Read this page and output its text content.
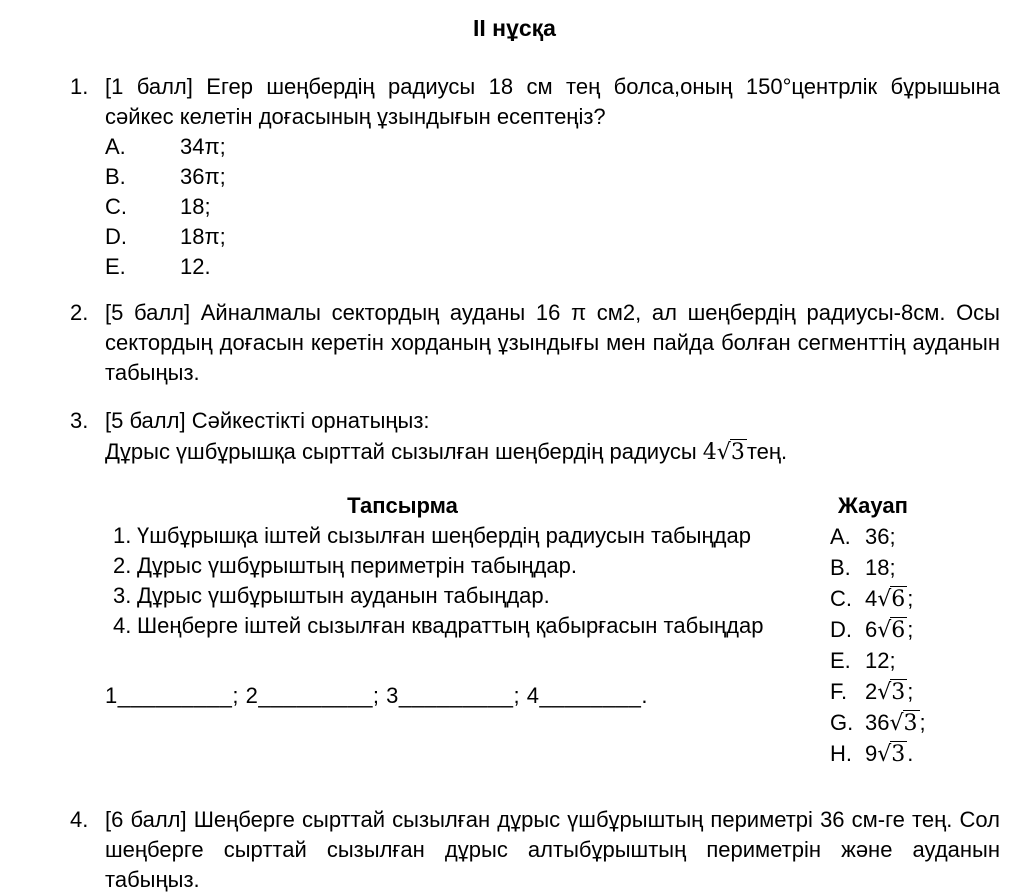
II нұсқа
1. [1 балл] Егер шеңбердің радиусы 18 см тең болса,оның 150°центрлік бұрышына сәйкес келетін доғасының ұзындығын есептеңіз?

A.	34π;
B.	36π;
C.	18;
D.	18π;
E.	12.
2. [5 балл] Айналмалы сектордың ауданы 16 π см2, ал шеңбердің радиусы-8см. Осы сектордың доғасын керетін хорданың ұзындығы мен пайда болған сегменттің ауданын табыңыз.

3. [5 балл] Сәйкестікті орнатыңыз:

Дұрыс үшбұрышқа сырттай сызылған шеңбердің радиусы 4√3тең.
Тапсырма
1. Үшбұрышқа іштей сызылған шеңбердің радиусын табыңдар
2. Дұрыс үшбұрыштың периметрін табыңдар.
3. Дұрыс үшбұрыштын ауданын табыңдар.
4. Шеңберге іштей сызылған квадраттың қабырғасын табыңдар
1_________; 2_________; 3_________; 4________.
Жауап
A. 36;
B. 18;
C. 4√6;
D. 6√6;
E. 12;
F. 2√3;
G. 36√3;
H. 9√3.
4. [6 балл] Шеңберге сырттай сызылған дұрыс үшбұрыштың периметрі 36 см-ге тең. Сол шеңберге сырттай сызылған дұрыс алтыбұрыштың периметрін және ауданын табыңыз.
